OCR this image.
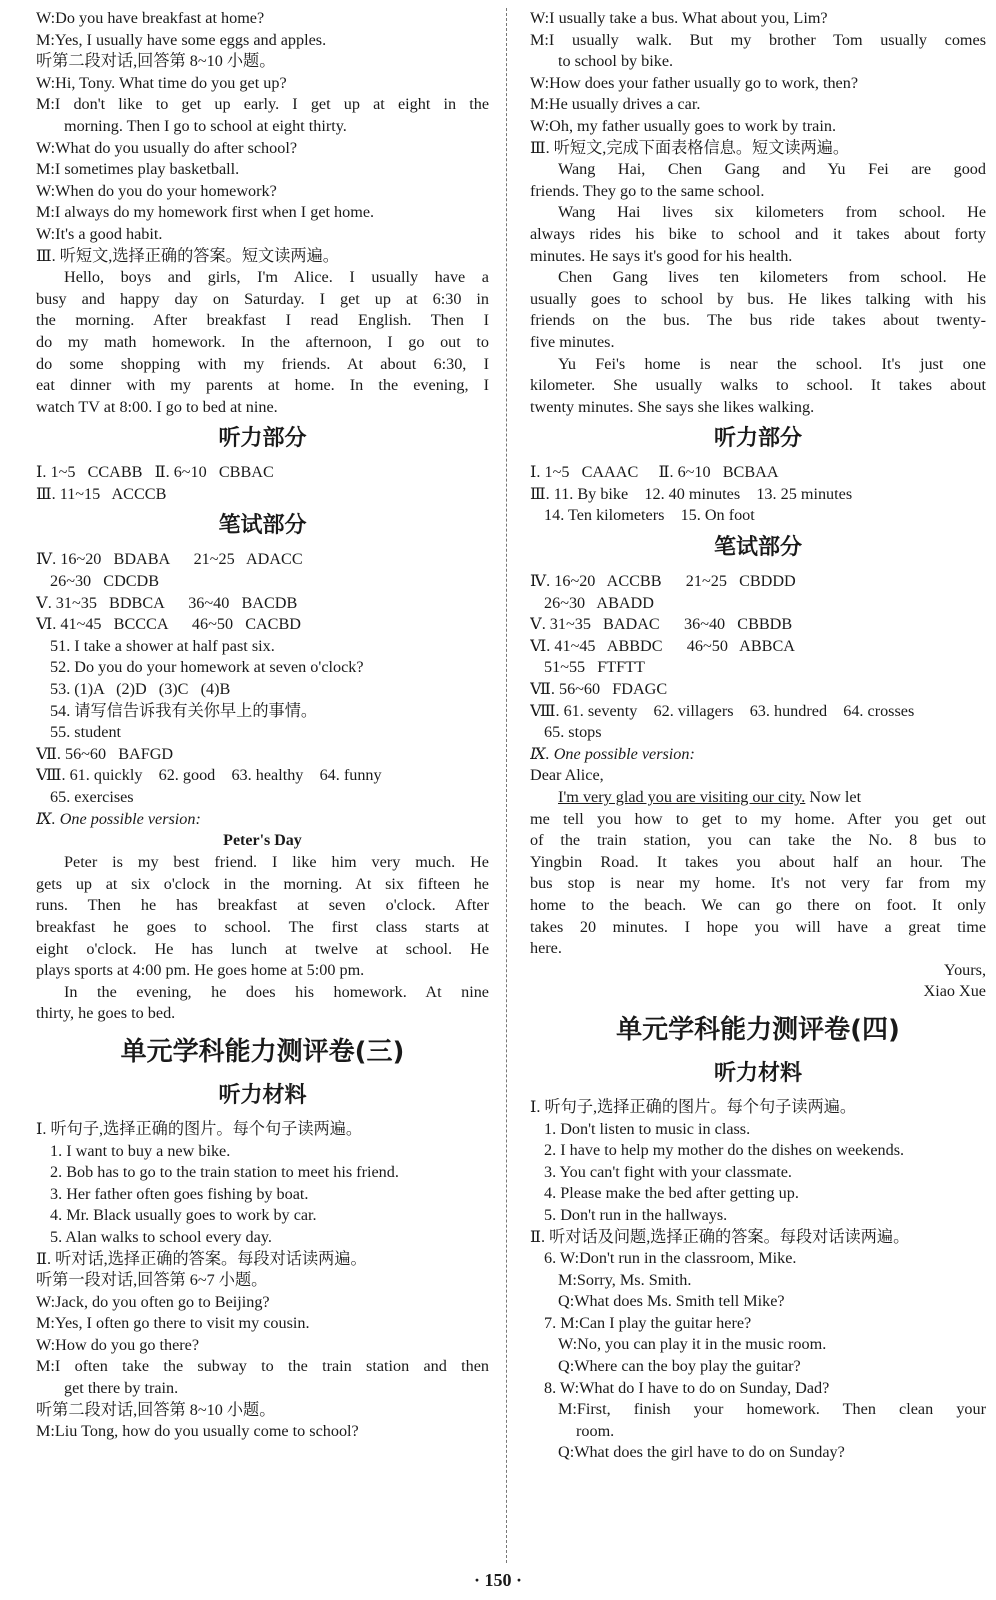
W:Do you have breakfast at home?
M:Yes, I usually have some eggs and apples.
听第二段对话,回答第 8~10 小题。
W:Hi, Tony. What time do you get up?
M:I don't like to get up early. I get up at eight in the
morning. Then I go to school at eight thirty.
W:What do you usually do after school?
M:I sometimes play basketball.
W:When do you do your homework?
M:I always do my homework first when I get home.
W:It's a good habit.
Ⅲ. 听短文,选择正确的答案。短文读两遍。
Hello, boys and girls, I'm Alice. I usually have a
busy and happy day on Saturday. I get up at 6:30 in
the morning. After breakfast I read English. Then I
do my math homework. In the afternoon, I go out to
do some shopping with my friends. At about 6:30, I
eat dinner with my parents at home. In the evening, I
watch TV at 8:00. I go to bed at nine.
听力部分
Ⅰ. 1~5   CCABB   Ⅱ. 6~10   CBBAC
Ⅲ. 11~15   ACCCB
笔试部分
Ⅳ. 16~20   BDABA      21~25   ADACC
26~30   CDCDB
Ⅴ. 31~35   BDBCA      36~40   BACDB
Ⅵ. 41~45   BCCCA      46~50   CACBD
51. I take a shower at half past six.
52. Do you do your homework at seven o'clock?
53. (1)A   (2)D   (3)C   (4)B
54. 请写信告诉我有关你早上的事情。
55. student
Ⅶ. 56~60   BAFGD
Ⅷ. 61. quickly    62. good    63. healthy    64. funny
65. exercises
Ⅸ. One possible version:
Peter's Day
Peter is my best friend. I like him very much. He
gets up at six o'clock in the morning. At six fifteen he
runs. Then he has breakfast at seven o'clock. After
breakfast he goes to school. The first class starts at
eight o'clock. He has lunch at twelve at school. He
plays sports at 4:00 pm. He goes home at 5:00 pm.
In the evening, he does his homework. At nine
thirty, he goes to bed.
单元学科能力测评卷(三)
听力材料
Ⅰ. 听句子,选择正确的图片。每个句子读两遍。
1. I want to buy a new bike.
2. Bob has to go to the train station to meet his friend.
3. Her father often goes fishing by boat.
4. Mr. Black usually goes to work by car.
5. Alan walks to school every day.
Ⅱ. 听对话,选择正确的答案。每段对话读两遍。
听第一段对话,回答第 6~7 小题。
W:Jack, do you often go to Beijing?
M:Yes, I often go there to visit my cousin.
W:How do you go there?
M:I often take the subway to the train station and then
get there by train.
听第二段对话,回答第 8~10 小题。
M:Liu Tong, how do you usually come to school?
W:I usually take a bus. What about you, Lim?
M:I usually walk. But my brother Tom usually comes
to school by bike.
W:How does your father usually go to work, then?
M:He usually drives a car.
W:Oh, my father usually goes to work by train.
Ⅲ. 听短文,完成下面表格信息。短文读两遍。
Wang Hai, Chen Gang and Yu Fei are good
friends. They go to the same school.
Wang Hai lives six kilometers from school. He
always rides his bike to school and it takes about forty
minutes. He says it's good for his health.
Chen Gang lives ten kilometers from school. He
usually goes to school by bus. He likes talking with his
friends on the bus. The bus ride takes about twenty-
five minutes.
Yu Fei's home is near the school. It's just one
kilometer. She usually walks to school. It takes about
twenty minutes. She says she likes walking.
听力部分
Ⅰ. 1~5   CAAAC     Ⅱ. 6~10   BCBAA
Ⅲ. 11. By bike    12. 40 minutes    13. 25 minutes
14. Ten kilometers    15. On foot
笔试部分
Ⅳ. 16~20   ACCBB      21~25   CBDDD
26~30   ABADD
Ⅴ. 31~35   BADAC      36~40   CBBDB
Ⅵ. 41~45   ABBDC      46~50   ABBCA
51~55   FTFTT
Ⅶ. 56~60   FDAGC
Ⅷ. 61. seventy    62. villagers    63. hundred    64. crosses
65. stops
Ⅸ. One possible version:
Dear Alice,
I'm very glad you are visiting our city. Now let
me tell you how to get to my home. After you get out
of the train station, you can take the No. 8 bus to
Yingbin Road. It takes you about half an hour. The
bus stop is near my home. It's not very far from my
home to the beach. We can go there on foot. It only
takes 20 minutes. I hope you will have a great time
here.
Yours,
Xiao Xue
单元学科能力测评卷(四)
听力材料
Ⅰ. 听句子,选择正确的图片。每个句子读两遍。
1. Don't listen to music in class.
2. I have to help my mother do the dishes on weekends.
3. You can't fight with your classmate.
4. Please make the bed after getting up.
5. Don't run in the hallways.
Ⅱ. 听对话及问题,选择正确的答案。每段对话读两遍。
6. W:Don't run in the classroom, Mike.
M:Sorry, Ms. Smith.
Q:What does Ms. Smith tell Mike?
7. M:Can I play the guitar here?
W:No, you can play it in the music room.
Q:Where can the boy play the guitar?
8. W:What do I have to do on Sunday, Dad?
M:First, finish your homework. Then clean your
room.
Q:What does the girl have to do on Sunday?
· 150 ·
